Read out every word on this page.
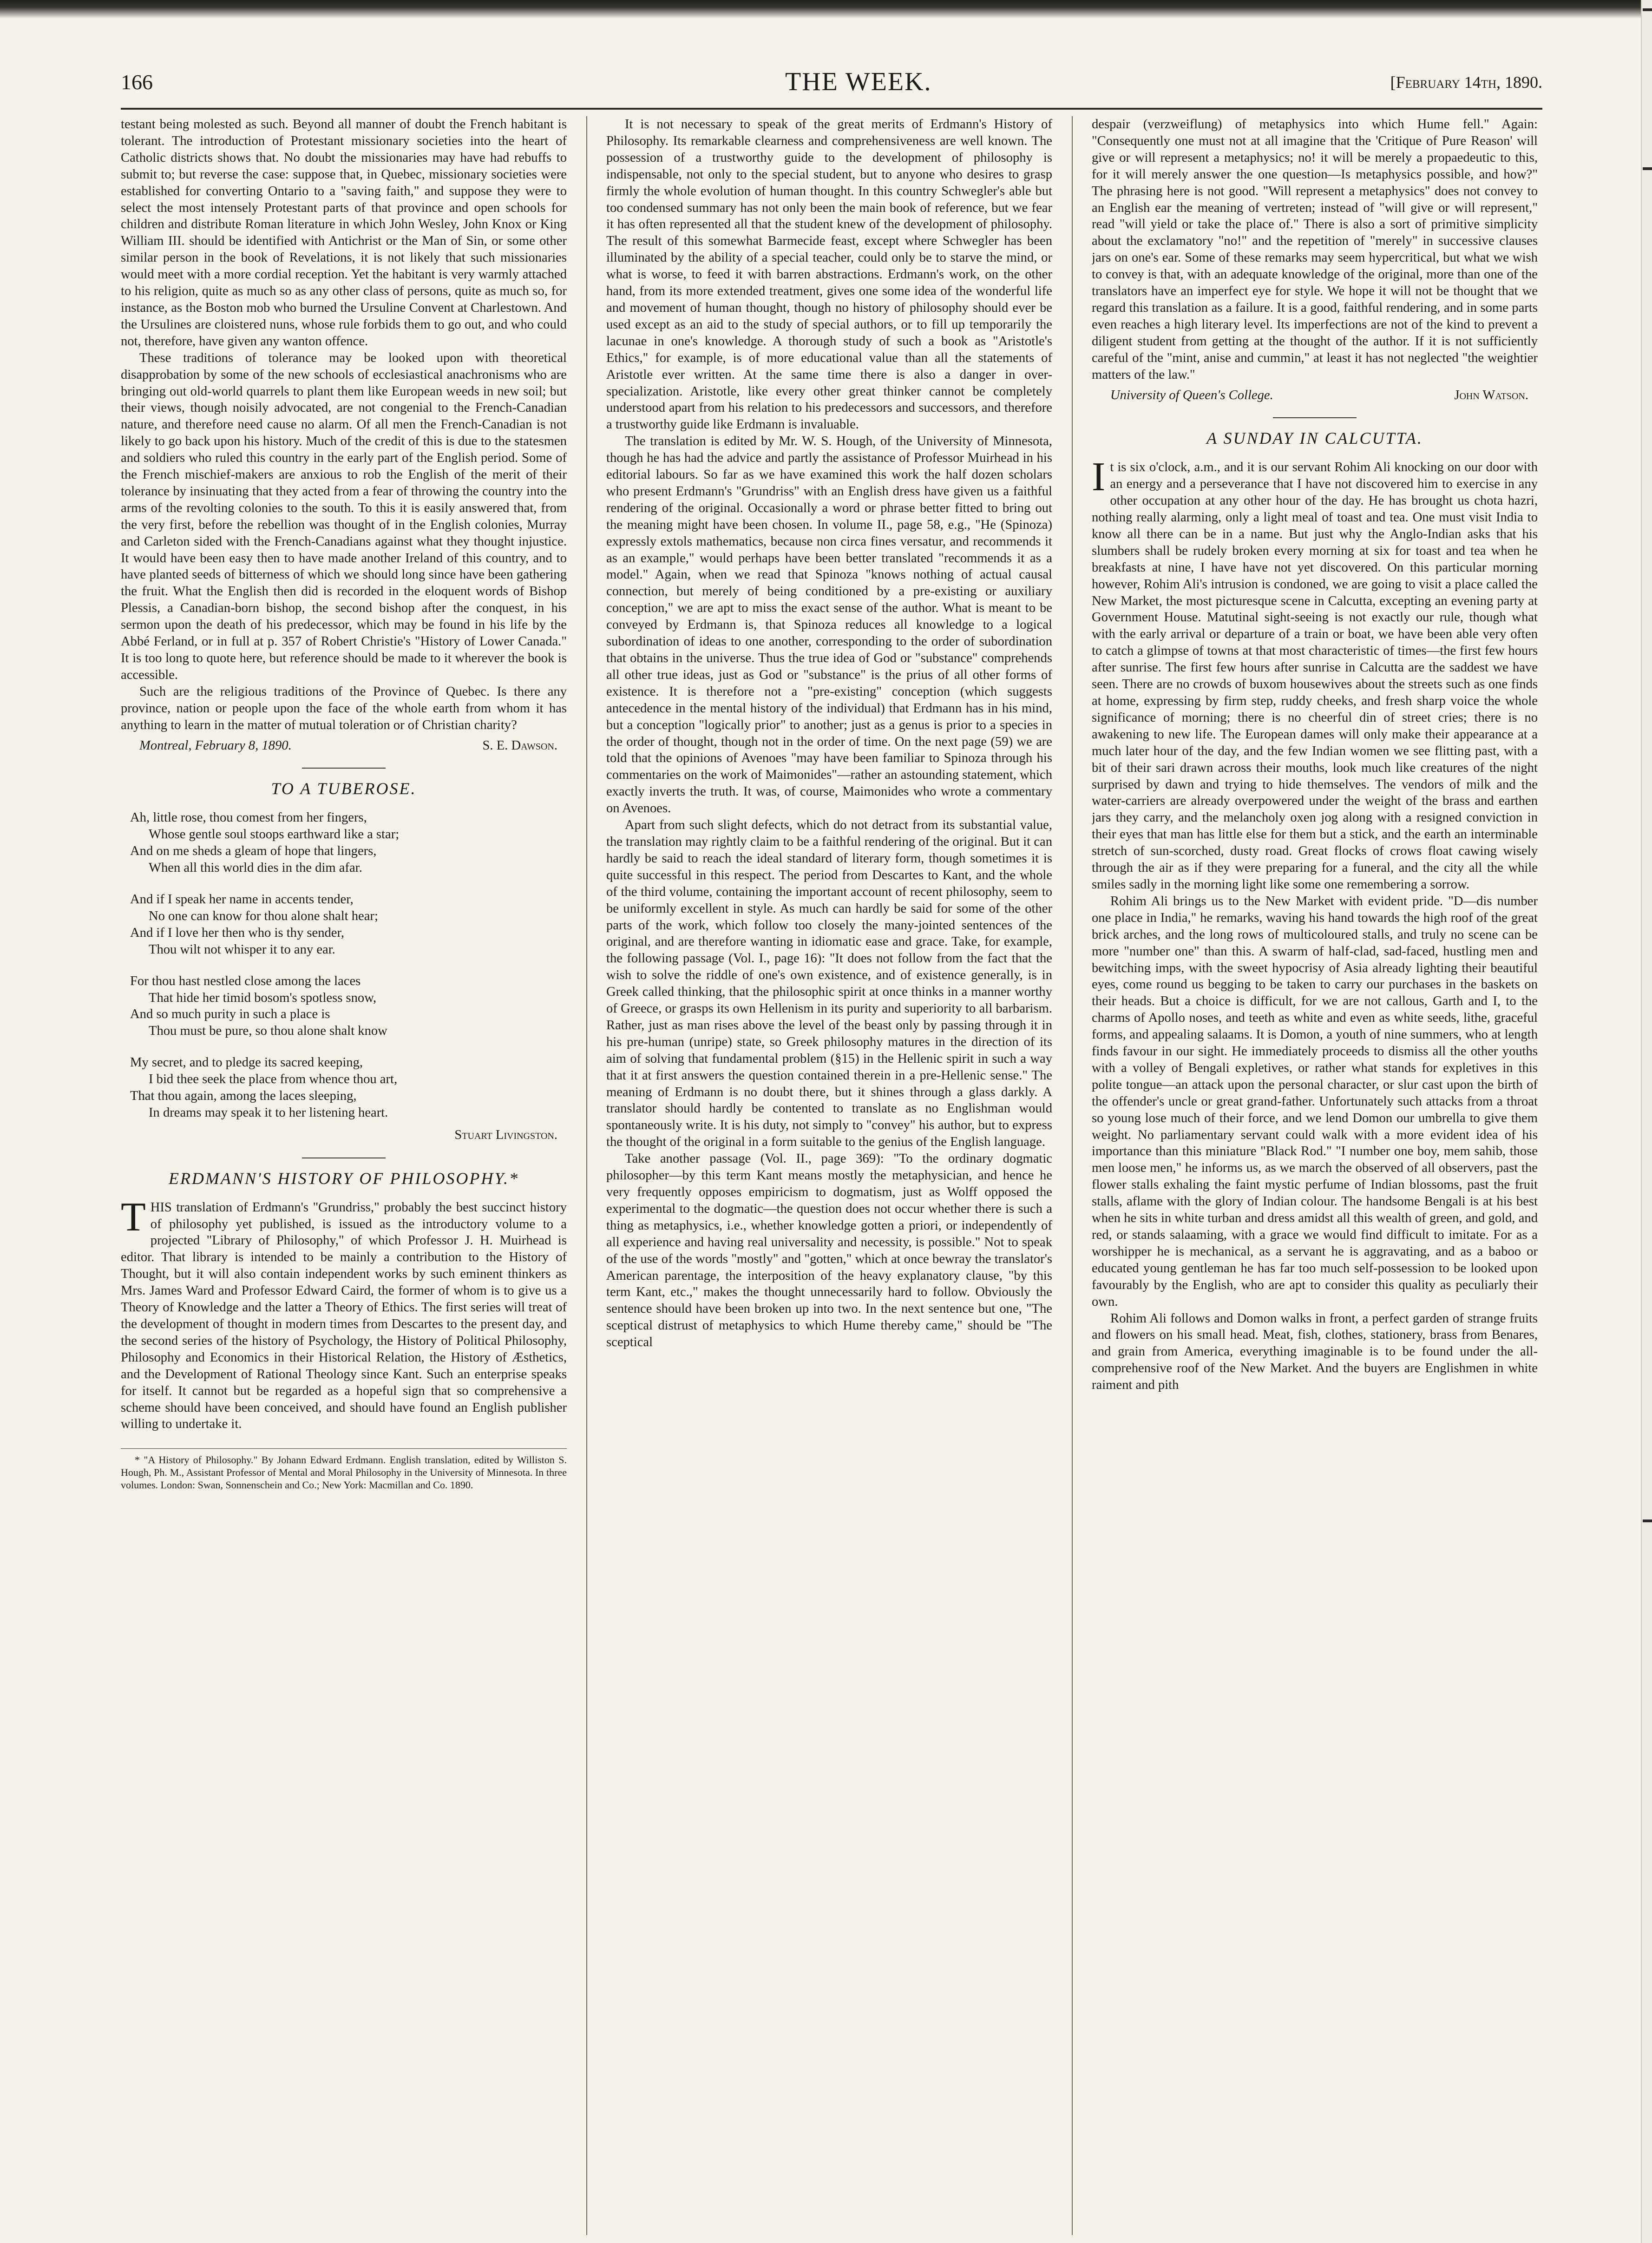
166	THE WEEK.	[February 14th, 1890.

testant being molested as such. Beyond all manner of doubt the French habitant is tolerant. The introduction of Protestant missionary societies into the heart of Catholic districts shows that. No doubt the missionaries may have had rebuffs to submit to; but reverse the case: suppose that, in Quebec, missionary societies were established for converting Ontario to a "saving faith," and suppose they were to select the most intensely Protestant parts of that province and open schools for children and distribute Roman literature in which John Wesley, John Knox or King William III. should be identified with Antichrist or the Man of Sin, or some other similar person in the book of Revelations, it is not likely that such missionaries would meet with a more cordial reception. Yet the habitant is very warmly attached to his religion, quite as much so as any other class of persons, quite as much so, for instance, as the Boston mob who burned the Ursuline Convent at Charlestown. And the Ursulines are cloistered nuns, whose rule forbids them to go out, and who could not, therefore, have given any wanton offence.

These traditions of tolerance may be looked upon with theoretical disapprobation by some of the new schools of ecclesiastical anachronisms who are bringing out old-world quarrels to plant them like European weeds in new soil; but their views, though noisily advocated, are not congenial to the French-Canadian nature, and therefore need cause no alarm. Of all men the French-Canadian is not likely to go back upon his history. Much of the credit of this is due to the statesmen and soldiers who ruled this country in the early part of the English period. Some of the French mischief-makers are anxious to rob the English of the merit of their tolerance by insinuating that they acted from a fear of throwing the country into the arms of the revolting colonies to the south. To this it is easily answered that, from the very first, before the rebellion was thought of in the English colonies, Murray and Carleton sided with the French-Canadians against what they thought injustice. It would have been easy then to have made another Ireland of this country, and to have planted seeds of bitterness of which we should long since have been gathering the fruit. What the English then did is recorded in the eloquent words of Bishop Plessis, a Canadian-born bishop, the second bishop after the conquest, in his sermon upon the death of his predecessor, which may be found in his life by the Abbé Ferland, or in full at p. 357 of Robert Christie's "History of Lower Canada." It is too long to quote here, but reference should be made to it wherever the book is accessible.

Such are the religious traditions of the Province of Quebec. Is there any province, nation or people upon the face of the whole earth from whom it has anything to learn in the matter of mutual toleration or of Christian charity?

Montreal, February 8, 1890.	S. E. Dawson.
TO A TUBEROSE.
Ah, little rose, thou comest from her fingers,
Whose gentle soul stoops earthward like a star;
And on me sheds a gleam of hope that lingers,
When all this world dies in the dim afar.
And if I speak her name in accents tender,
No one can know for thou alone shalt hear;
And if I love her then who is thy sender,
Thou wilt not whisper it to any ear.
For thou hast nestled close among the laces
That hide her timid bosom's spotless snow,
And so much purity in such a place is
Thou must be pure, so thou alone shalt know
My secret, and to pledge its sacred keeping,
I bid thee seek the place from whence thou art,
That thou again, among the laces sleeping,
In dreams may speak it to her listening heart.
Stuart Livingston.
ERDMANN'S HISTORY OF PHILOSOPHY.*

THIS translation of Erdmann's "Grundriss," probably the best succinct history of philosophy yet published, is issued as the introductory volume to a projected "Library of Philosophy," of which Professor J. H. Muirhead is editor. That library is intended to be mainly a contribution to the History of Thought, but it will also contain independent works by such eminent thinkers as Mrs. James Ward and Professor Edward Caird, the former of whom is to give us a Theory of Knowledge and the latter a Theory of Ethics. The first series will treat of the development of thought in modern times from Descartes to the present day, and the second series of the history of Psychology, the History of Political Philosophy, Philosophy and Economics in their Historical Relation, the History of Æsthetics, and the Development of Rational Theology since Kant. Such an enterprise speaks for itself. It cannot but be regarded as a hopeful sign that so comprehensive a scheme should have been conceived, and should have found an English publisher willing to undertake it.

* "A History of Philosophy." By Johann Edward Erdmann. English translation, edited by Williston S. Hough, Ph. M., Assistant Professor of Mental and Moral Philosophy in the University of Minnesota. In three volumes. London: Swan, Sonnenschein and Co.; New York: Macmillan and Co. 1890.

It is not necessary to speak of the great merits of Erdmann's History of Philosophy. Its remarkable clearness and comprehensiveness are well known. The possession of a trustworthy guide to the development of philosophy is indispensable, not only to the special student, but to anyone who desires to grasp firmly the whole evolution of human thought. In this country Schwegler's able but too condensed summary has not only been the main book of reference, but we fear it has often represented all that the student knew of the development of philosophy. The result of this somewhat Barmecide feast, except where Schwegler has been illuminated by the ability of a special teacher, could only be to starve the mind, or what is worse, to feed it with barren abstractions. Erdmann's work, on the other hand, from its more extended treatment, gives one some idea of the wonderful life and movement of human thought, though no history of philosophy should ever be used except as an aid to the study of special authors, or to fill up temporarily the lacunae in one's knowledge. A thorough study of such a book as "Aristotle's Ethics," for example, is of more educational value than all the statements of Aristotle ever written. At the same time there is also a danger in over-specialization. Aristotle, like every other great thinker cannot be completely understood apart from his relation to his predecessors and successors, and therefore a trustworthy guide like Erdmann is invaluable.

The translation is edited by Mr. W. S. Hough, of the University of Minnesota, though he has had the advice and partly the assistance of Professor Muirhead in his editorial labours. So far as we have examined this work the half dozen scholars who present Erdmann's "Grundriss" with an English dress have given us a faithful rendering of the original. Occasionally a word or phrase better fitted to bring out the meaning might have been chosen. In volume II., page 58, e.g., "He (Spinoza) expressly extols mathematics, because non circa fines versatur, and recommends it as an example," would perhaps have been better translated "recommends it as a model." Again, when we read that Spinoza "knows nothing of actual causal connection, but merely of being conditioned by a pre-existing or auxiliary conception," we are apt to miss the exact sense of the author. What is meant to be conveyed by Erdmann is, that Spinoza reduces all knowledge to a logical subordination of ideas to one another, corresponding to the order of subordination that obtains in the universe. Thus the true idea of God or "substance" comprehends all other true ideas, just as God or "substance" is the prius of all other forms of existence. It is therefore not a "pre-existing" conception (which suggests antecedence in the mental history of the individual) that Erdmann has in his mind, but a conception "logically prior" to another; just as a genus is prior to a species in the order of thought, though not in the order of time. On the next page (59) we are told that the opinions of Avenoes "may have been familiar to Spinoza through his commentaries on the work of Maimonides"—rather an astounding statement, which exactly inverts the truth. It was, of course, Maimonides who wrote a commentary on Avenoes.

Apart from such slight defects, which do not detract from its substantial value, the translation may rightly claim to be a faithful rendering of the original. But it can hardly be said to reach the ideal standard of literary form, though sometimes it is quite successful in this respect. The period from Descartes to Kant, and the whole of the third volume, containing the important account of recent philosophy, seem to be uniformly excellent in style. As much can hardly be said for some of the other parts of the work, which follow too closely the many-jointed sentences of the original, and are therefore wanting in idiomatic ease and grace. Take, for example, the following passage (Vol. I., page 16): "It does not follow from the fact that the wish to solve the riddle of one's own existence, and of existence generally, is in Greek called thinking, that the philosophic spirit at once thinks in a manner worthy of Greece, or grasps its own Hellenism in its purity and superiority to all barbarism. Rather, just as man rises above the level of the beast only by passing through it in his pre-human (unripe) state, so Greek philosophy matures in the direction of its aim of solving that fundamental problem (§15) in the Hellenic spirit in such a way that it at first answers the question contained therein in a pre-Hellenic sense." The meaning of Erdmann is no doubt there, but it shines through a glass darkly. A translator should hardly be contented to translate as no Englishman would spontaneously write. It is his duty, not simply to "convey" his author, but to express the thought of the original in a form suitable to the genius of the English language.

Take another passage (Vol. II., page 369): "To the ordinary dogmatic philosopher—by this term Kant means mostly the metaphysician, and hence he very frequently opposes empiricism to dogmatism, just as Wolff opposed the experimental to the dogmatic—the question does not occur whether there is such a thing as metaphysics, i.e., whether knowledge gotten a priori, or independently of all experience and having real universality and necessity, is possible." Not to speak of the use of the words "mostly" and "gotten," which at once bewray the translator's American parentage, the interposition of the heavy explanatory clause, "by this term Kant, etc.," makes the thought unnecessarily hard to follow. Obviously the sentence should have been broken up into two. In the next sentence but one, "The sceptical distrust of metaphysics to which Hume thereby came," should be "The sceptical

despair (verzweiflung) of metaphysics into which Hume fell." Again: "Consequently one must not at all imagine that the 'Critique of Pure Reason' will give or will represent a metaphysics; no! it will be merely a propaedeutic to this, for it will merely answer the one question—Is metaphysics possible, and how?" The phrasing here is not good. "Will represent a metaphysics" does not convey to an English ear the meaning of vertreten; instead of "will give or will represent," read "will yield or take the place of." There is also a sort of primitive simplicity about the exclamatory "no!" and the repetition of "merely" in successive clauses jars on one's ear. Some of these remarks may seem hypercritical, but what we wish to convey is that, with an adequate knowledge of the original, more than one of the translators have an imperfect eye for style. We hope it will not be thought that we regard this translation as a failure. It is a good, faithful rendering, and in some parts even reaches a high literary level. Its imperfections are not of the kind to prevent a diligent student from getting at the thought of the author. If it is not sufficiently careful of the "mint, anise and cummin," at least it has not neglected "the weightier matters of the law."

University of Queen's College.	John Watson.
A SUNDAY IN CALCUTTA.

It is six o'clock, a.m., and it is our servant Rohim Ali knocking on our door with an energy and a perseverance that I have not discovered him to exercise in any other occupation at any other hour of the day. He has brought us chota hazri, nothing really alarming, only a light meal of toast and tea. One must visit India to know all there can be in a name. But just why the Anglo-Indian asks that his slumbers shall be rudely broken every morning at six for toast and tea when he breakfasts at nine, I have have not yet discovered. On this particular morning however, Rohim Ali's intrusion is condoned, we are going to visit a place called the New Market, the most picturesque scene in Calcutta, excepting an evening party at Government House. Matutinal sight-seeing is not exactly our rule, though what with the early arrival or departure of a train or boat, we have been able very often to catch a glimpse of towns at that most characteristic of times—the first few hours after sunrise. The first few hours after sunrise in Calcutta are the saddest we have seen. There are no crowds of buxom housewives about the streets such as one finds at home, expressing by firm step, ruddy cheeks, and fresh sharp voice the whole significance of morning; there is no cheerful din of street cries; there is no awakening to new life. The European dames will only make their appearance at a much later hour of the day, and the few Indian women we see flitting past, with a bit of their sari drawn across their mouths, look much like creatures of the night surprised by dawn and trying to hide themselves. The vendors of milk and the water-carriers are already overpowered under the weight of the brass and earthen jars they carry, and the melancholy oxen jog along with a resigned conviction in their eyes that man has little else for them but a stick, and the earth an interminable stretch of sun-scorched, dusty road. Great flocks of crows float cawing wisely through the air as if they were preparing for a funeral, and the city all the while smiles sadly in the morning light like some one remembering a sorrow.

Rohim Ali brings us to the New Market with evident pride. "D—dis number one place in India," he remarks, waving his hand towards the high roof of the great brick arches, and the long rows of multicoloured stalls, and truly no scene can be more "number one" than this. A swarm of half-clad, sad-faced, hustling men and bewitching imps, with the sweet hypocrisy of Asia already lighting their beautiful eyes, come round us begging to be taken to carry our purchases in the baskets on their heads. But a choice is difficult, for we are not callous, Garth and I, to the charms of Apollo noses, and teeth as white and even as white seeds, lithe, graceful forms, and appealing salaams. It is Domon, a youth of nine summers, who at length finds favour in our sight. He immediately proceeds to dismiss all the other youths with a volley of Bengali expletives, or rather what stands for expletives in this polite tongue—an attack upon the personal character, or slur cast upon the birth of the offender's uncle or great grand-father. Unfortunately such attacks from a throat so young lose much of their force, and we lend Domon our umbrella to give them weight. No parliamentary servant could walk with a more evident idea of his importance than this miniature "Black Rod." "I number one boy, mem sahib, those men loose men," he informs us, as we march the observed of all observers, past the flower stalls exhaling the faint mystic perfume of Indian blossoms, past the fruit stalls, aflame with the glory of Indian colour. The handsome Bengali is at his best when he sits in white turban and dress amidst all this wealth of green, and gold, and red, or stands salaaming, with a grace we would find difficult to imitate. For as a worshipper he is mechanical, as a servant he is aggravating, and as a baboo or educated young gentleman he has far too much self-possession to be looked upon favourably by the English, who are apt to consider this quality as peculiarly their own.

Rohim Ali follows and Domon walks in front, a perfect garden of strange fruits and flowers on his small head. Meat, fish, clothes, stationery, brass from Benares, and grain from America, everything imaginable is to be found under the all-comprehensive roof of the New Market. And the buyers are Englishmen in white raiment and pith
